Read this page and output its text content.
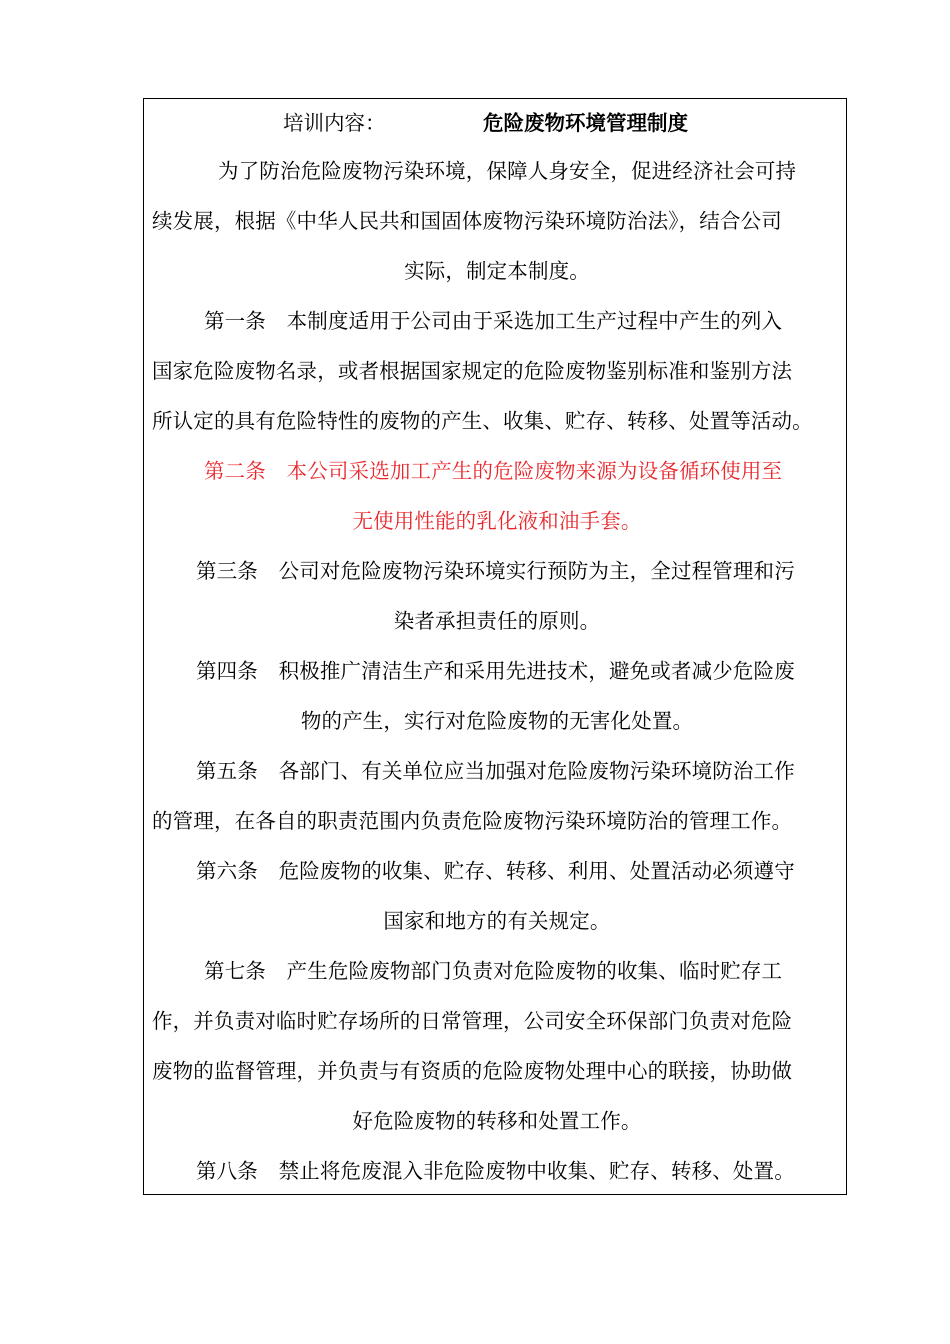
培训内容：	危险废物环境管理制度
为了防治危险废物污染环境，保障人身安全，促进经济社会可持
续发展，根据《中华人民共和国固体废物污染环境防治法》，结合公司
实际，制定本制度。
第一条　本制度适用于公司由于采选加工生产过程中产生的列入
国家危险废物名录，或者根据国家规定的危险废物鉴别标准和鉴别方法
所认定的具有危险特性的废物的产生、收集、贮存、转移、处置等活动。
第二条　本公司采选加工产生的危险废物来源为设备循环使用至
无使用性能的乳化液和油手套。
第三条　公司对危险废物污染环境实行预防为主，全过程管理和污
染者承担责任的原则。
第四条　积极推广清洁生产和采用先进技术，避免或者减少危险废
物的产生，实行对危险废物的无害化处置。
第五条　各部门、有关单位应当加强对危险废物污染环境防治工作
的管理，在各自的职责范围内负责危险废物污染环境防治的管理工作。
第六条　危险废物的收集、贮存、转移、利用、处置活动必须遵守
国家和地方的有关规定。
第七条　产生危险废物部门负责对危险废物的收集、临时贮存工
作，并负责对临时贮存场所的日常管理，公司安全环保部门负责对危险
废物的监督管理，并负责与有资质的危险废物处理中心的联接，协助做
好危险废物的转移和处置工作。
第八条　禁止将危废混入非危险废物中收集、贮存、转移、处置。
